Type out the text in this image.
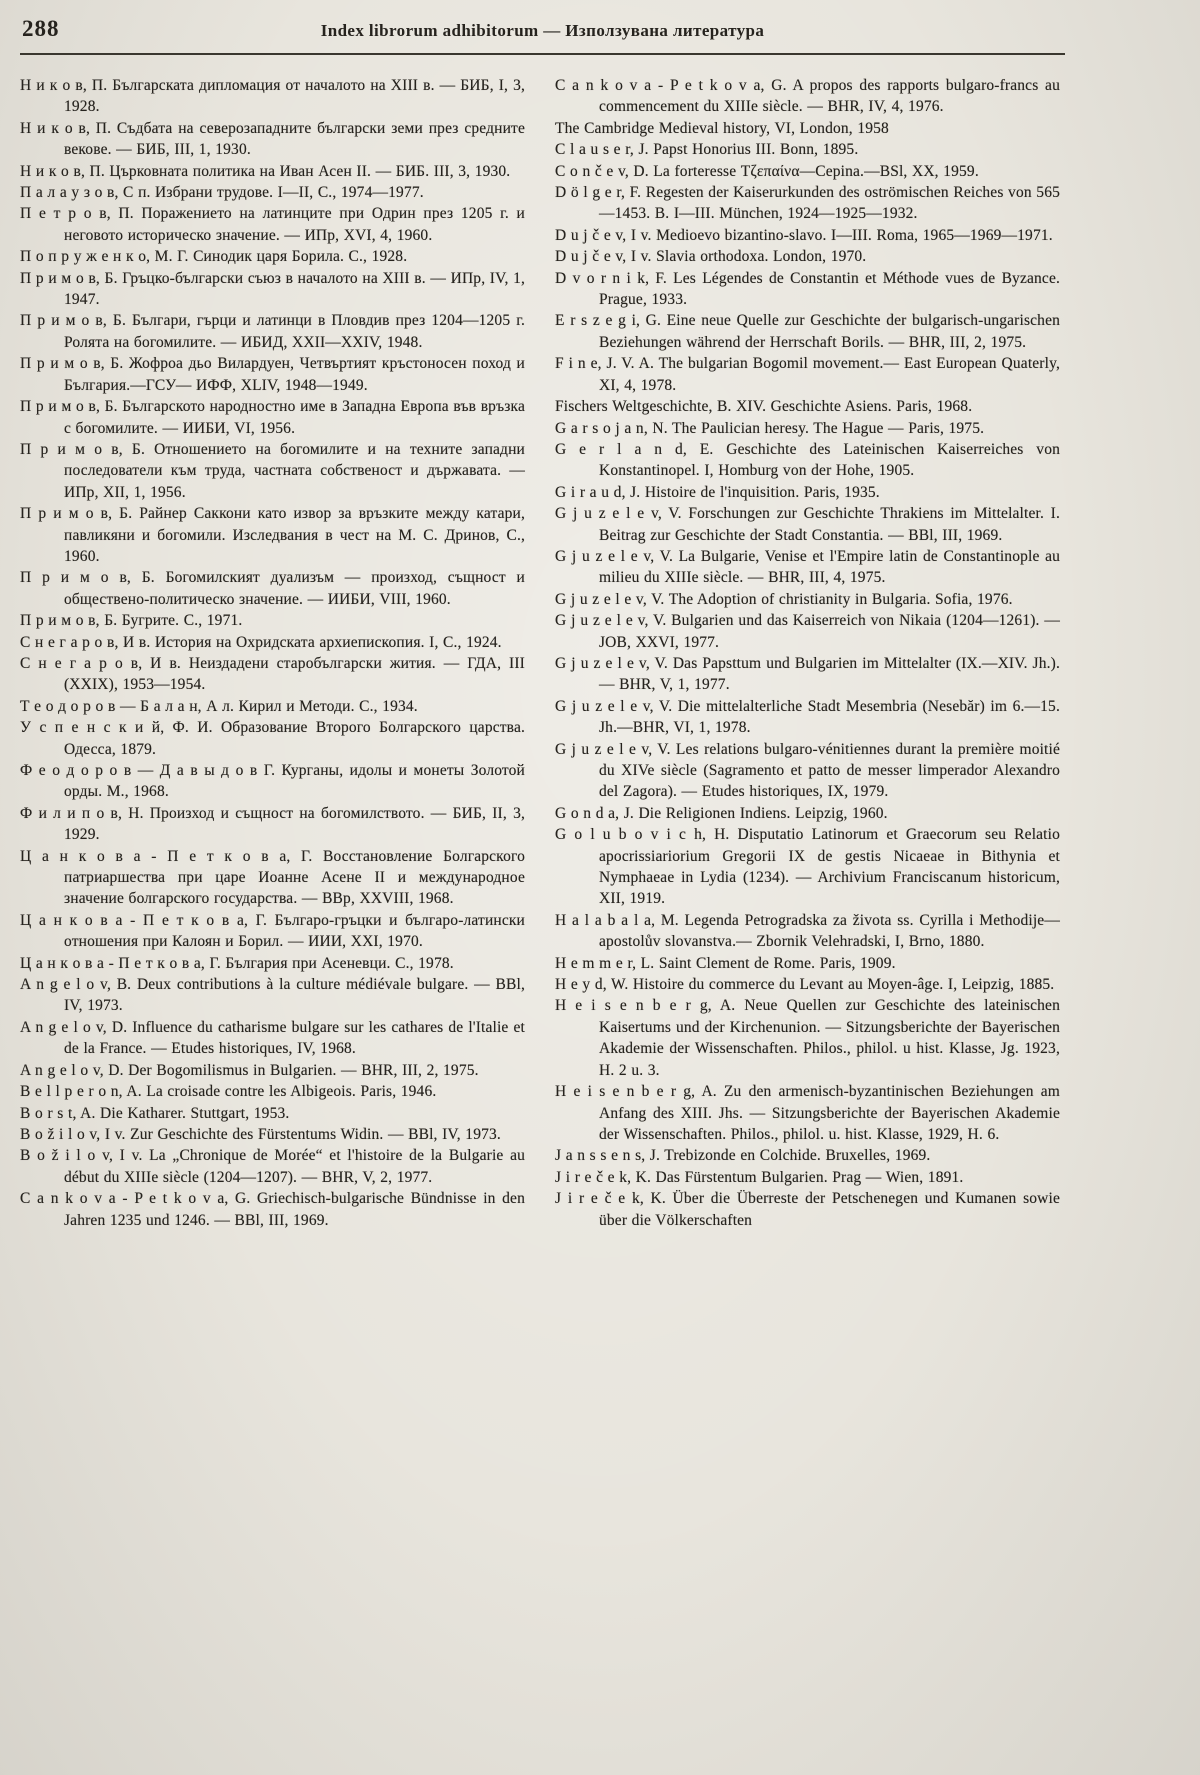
288	Index librorum adhibitorum — Използувана литература

Н и к о в, П. Българската дипломация от началото на XIII в. — БИБ, I, 3, 1928.

Н и к о в, П. Съдбата на северозападните български земи през средните векове. — БИБ, III, 1, 1930.

Н и к о в, П. Църковната политика на Иван Асен II. — БИБ. III, 3, 1930.

П а л а у з о в, С п. Избрани трудове. I—II, С., 1974—1977.

П е т р о в, П. Поражението на латинците при Одрин през 1205 г. и неговото историческо значение. — ИПр, XVI, 4, 1960.

П о п р у ж е н к о, М. Г. Синодик царя Борила. С., 1928.

П р и м о в, Б. Гръцко-български съюз в началото на XIII в. — ИПр, IV, 1, 1947.

П р и м о в, Б. Българи, гърци и латинци в Пловдив през 1204—1205 г. Ролята на богомилите. — ИБИД, XXII—XXIV, 1948.

П р и м о в, Б. Жофроа дьо Вилардуен, Четвъртият кръстоносен поход и България.—ГСУ— ИФФ, XLIV, 1948—1949.

П р и м о в, Б. Българското народностно име в Западна Европа във връзка с богомилите. — ИИБИ, VI, 1956.

П р и м о в, Б. Отношението на богомилите и на техните западни последователи към труда, частната собственост и държавата. — ИПр, XII, 1, 1956.

П р и м о в, Б. Райнер Саккони като извор за връзките между катари, павликяни и богомили. Изследвания в чест на М. С. Дринов, С., 1960.

П р и м о в, Б. Богомилският дуализъм — произход, същност и обществено-политическо значение. — ИИБИ, VIII, 1960.

П р и м о в, Б. Бугрите. С., 1971.

С н е г а р о в, И в. История на Охридската архиепископия. I, С., 1924.

С н е г а р о в, И в. Неиздадени старобългарски жития. — ГДА, III (XXIX), 1953—1954.

Т е о д о р о в — Б а л а н, А л. Кирил и Методи. С., 1934.

У с п е н с к и й, Ф. И. Образование Второго Болгарского царства. Одесса, 1879.

Ф е о д о р о в — Д а в ы д о в Г. Курганы, идолы и монеты Золотой орды. М., 1968.

Ф и л и п о в, Н. Произход и същност на богомилството. — БИБ, II, 3, 1929.

Ц а н к о в а - П е т к о в а, Г. Восстановление Болгарского патриаршества при царе Иоанне Асене II и международное значение болгарского государства. — ВВр, XXVIII, 1968.

Ц а н к о в а - П е т к о в а, Г. Българо-гръцки и българо-латински отношения при Калоян и Борил. — ИИИ, XXI, 1970.

Ц а н к о в а - П е т к о в а, Г. България при Асеневци. С., 1978.

A n g e l o v, B. Deux contributions à la culture médiévale bulgare. — BBl, IV, 1973.

A n g e l o v, D. Influence du catharisme bulgare sur les cathares de l'Italie et de la France. — Etudes historiques, IV, 1968.

A n g e l o v, D. Der Bogomilismus in Bulgarien. — BHR, III, 2, 1975.

B e l l p e r o n, A. La croisade contre les Albigeois. Paris, 1946.

B o r s t, A. Die Katharer. Stuttgart, 1953.

B o ž i l o v, I v. Zur Geschichte des Fürstentums Widin. — BBl, IV, 1973.

B o ž i l o v, I v. La „Chronique de Morée“ et l'histoire de la Bulgarie au début du XIIIe siècle (1204—1207). — BHR, V, 2, 1977.

C a n k o v a - P e t k o v a, G. Griechisch-bulgarische Bündnisse in den Jahren 1235 und 1246. — BBl, III, 1969.

C a n k o v a - P e t k o v a, G. A propos des rapports bulgaro-francs au commencement du XIIIe siècle. — BHR, IV, 4, 1976.

The Cambridge Medieval history, VI, London, 1958

C l a u s e r, J. Papst Honorius III. Bonn, 1895.

C o n č e v, D. La forteresse Τζεπαίνα—Cepina.—BSl, XX, 1959.

D ö l g e r, F. Regesten der Kaiserurkunden des oströmischen Reiches von 565—1453. B. I—III. München, 1924—1925—1932.

D u j č e v, I v. Medioevo bizantino-slavo. I—III. Roma, 1965—1969—1971.

D u j č e v, I v. Slavia orthodoxa. London, 1970.

D v o r n i k, F. Les Légendes de Constantin et Méthode vues de Byzance. Prague, 1933.

E r s z e g i, G. Eine neue Quelle zur Geschichte der bulgarisch-ungarischen Beziehungen während der Herrschaft Borils. — BHR, III, 2, 1975.

F i n e, J. V. A. The bulgarian Bogomil movement.— East European Quaterly, XI, 4, 1978.

Fischers Weltgeschichte, B. XIV. Geschichte Asiens. Paris, 1968.

G a r s o j a n, N. The Paulician heresy. The Hague — Paris, 1975.

G e r l a n d, E. Geschichte des Lateinischen Kaiserreiches von Konstantinopel. I, Homburg von der Hohe, 1905.

G i r a u d, J. Histoire de l'inquisition. Paris, 1935.

G j u z e l e v, V. Forschungen zur Geschichte Thrakiens im Mittelalter. I. Beitrag zur Geschichte der Stadt Constantia. — BBl, III, 1969.

G j u z e l e v, V. La Bulgarie, Venise et l'Empire latin de Constantinople au milieu du XIIIe siècle. — BHR, III, 4, 1975.

G j u z e l e v, V. The Adoption of christianity in Bulgaria. Sofia, 1976.

G j u z e l e v, V. Bulgarien und das Kaiserreich von Nikaia (1204—1261). — JOB, XXVI, 1977.

G j u z e l e v, V. Das Papsttum und Bulgarien im Mittelalter (IX.—XIV. Jh.). — BHR, V, 1, 1977.

G j u z e l e v, V. Die mittelalterliche Stadt Mesembria (Nesebăr) im 6.—15. Jh.—BHR, VI, 1, 1978.

G j u z e l e v, V. Les relations bulgaro-vénitiennes durant la première moitié du XIVe siècle (Sagramento et patto de messer limperador Alexandro del Zagora). — Etudes historiques, IX, 1979.

G o n d a, J. Die Religionen Indiens. Leipzig, 1960.

G o l u b o v i c h, H. Disputatio Latinorum et Graecorum seu Relatio apocrissiariorium Gregorii IX de gestis Nicaeae in Bithynia et Nymphaeae in Lydia (1234). — Archivium Franciscanum historicum, XII, 1919.

H a l a b a l a, M. Legenda Petrogradska za života ss. Cyrilla i Methodije—apostolův slovanstva.— Zbornik Velehradski, I, Brno, 1880.

H e m m e r, L. Saint Clement de Rome. Paris, 1909.

H e y d, W. Histoire du commerce du Levant au Moyen-âge. I, Leipzig, 1885.

H e i s e n b e r g, A. Neue Quellen zur Geschichte des lateinischen Kaisertums und der Kirchenunion. — Sitzungsberichte der Bayerischen Akademie der Wissenschaften. Philos., philol. u hist. Klasse, Jg. 1923, H. 2 u. 3.

H e i s e n b e r g, A. Zu den armenisch-byzantinischen Beziehungen am Anfang des XIII. Jhs. — Sitzungsberichte der Bayerischen Akademie der Wissenschaften. Philos., philol. u. hist. Klasse, 1929, H. 6.

J a n s s e n s, J. Trebizonde en Colchide. Bruxelles, 1969.

J i r e č e k, K. Das Fürstentum Bulgarien. Prag — Wien, 1891.

J i r e č e k, K. Über die Überreste der Petschenegen und Kumanen sowie über die Völkerschaften
